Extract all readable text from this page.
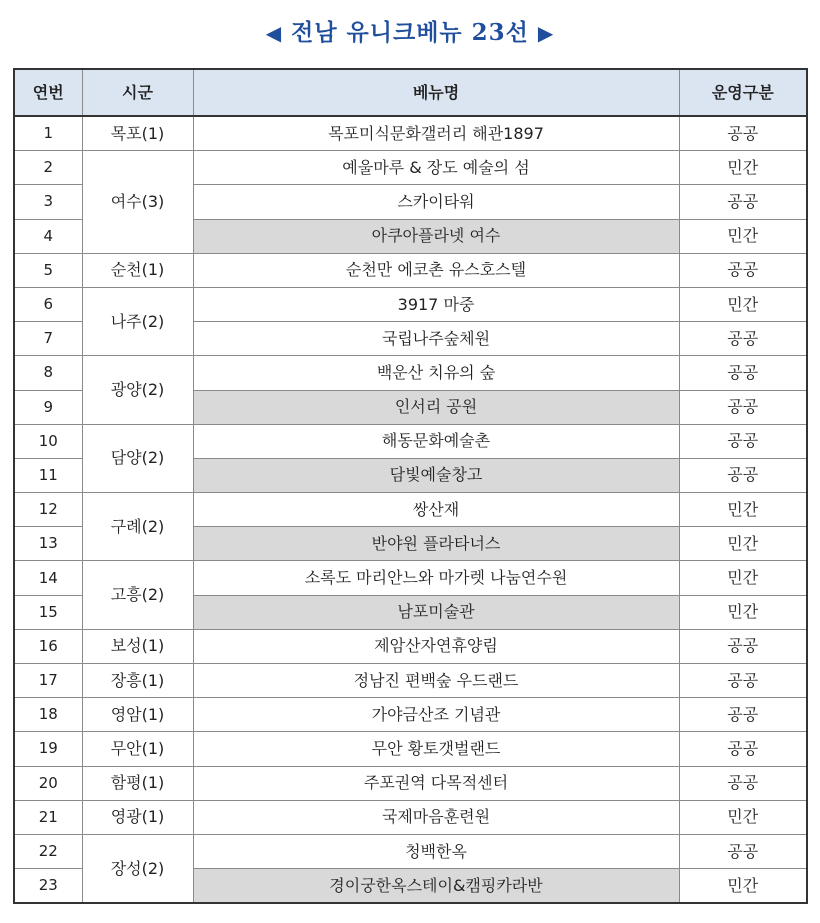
◀ 전남 유니크베뉴 23선 ▶
연번	시군	베뉴명	운영구분
1	목포(1)	목포미식문화갤러리 해관1897	공공
2	여수(3)	예울마루 & 장도 예술의 섬	민간
3		스카이타워	공공
4		아쿠아플라넷 여수	민간
5	순천(1)	순천만 에코촌 유스호스텔	공공
6	나주(2)	3917 마중	민간
7		국립나주숲체원	공공
8	광양(2)	백운산 치유의 숲	공공
9		인서리 공원	공공
10	담양(2)	해동문화예술촌	공공
11		담빛예술창고	공공
12	구례(2)	쌍산재	민간
13		반야원 플라타너스	민간
14	고흥(2)	소록도 마리안느와 마가렛 나눔연수원	민간
15		남포미술관	민간
16	보성(1)	제암산자연휴양림	공공
17	장흥(1)	정남진 편백숲 우드랜드	공공
18	영암(1)	가야금산조 기념관	공공
19	무안(1)	무안 황토갯벌랜드	공공
20	함평(1)	주포권역 다목적센터	공공
21	영광(1)	국제마음훈련원	민간
22	장성(2)	청백한옥	공공
23		경이궁한옥스테이&캠핑카라반	민간
